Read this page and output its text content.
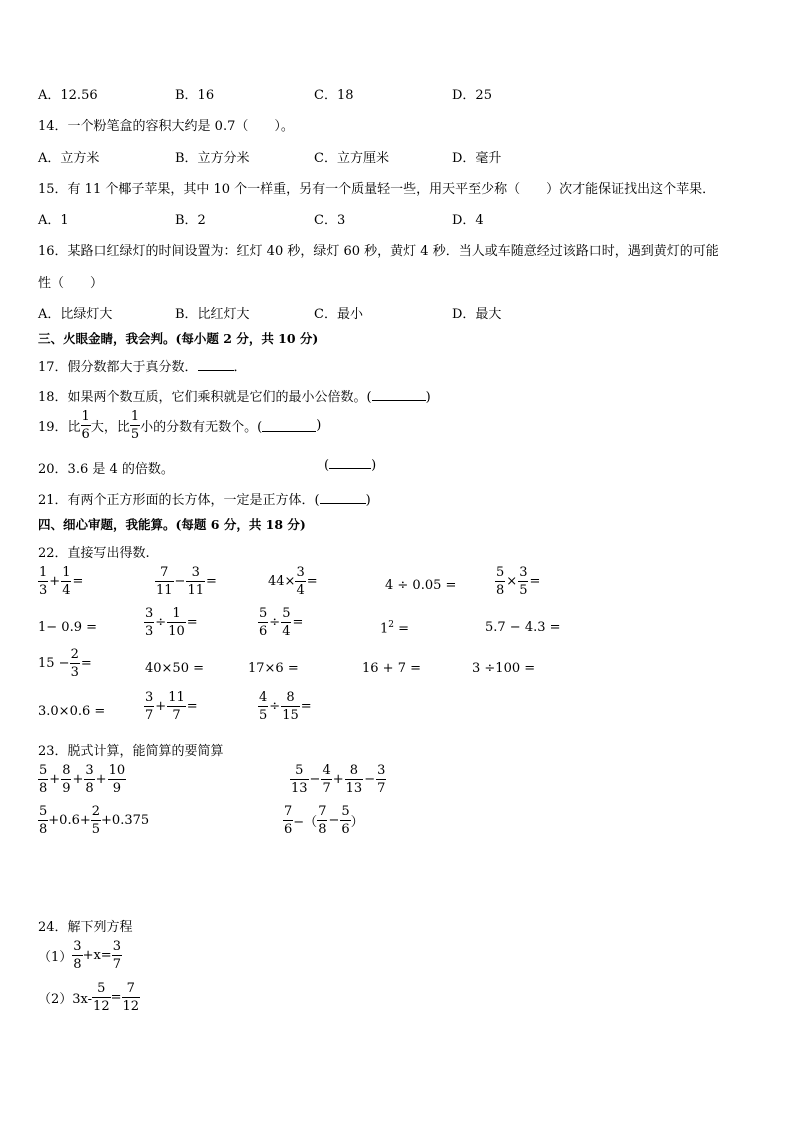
A．12.56	B．16	C．18	D．25
14．一个粉笔盒的容积大约是 0.7（　　）。
A．立方米	B．立方分米	C．立方厘米	D．毫升
15．有 11 个椰子苹果，其中 10 个一样重，另有一个质量轻一些，用天平至少称（　　）次才能保证找出这个苹果．
A．1	B．2	C．3	D．4
16．某路口红绿灯的时间设置为：红灯 40 秒，绿灯 60 秒，黄灯 4 秒．当人或车随意经过该路口时，遇到黄灯的可能
性（　　）
A．比绿灯大	B．比红灯大	C．最小	D．最大
三、火眼金睛，我会判。(每小题 2 分，共 10 分)
17．假分数都大于真分数．	．
18．如果两个数互质，它们乘积就是它们的最小公倍数。(	)
19．比 $\frac{1}{6}$ 大，比 $\frac{1}{5}$ 小的分数有无数个。(	)
20．3.6 是 4 的倍数。	(	)
21．有两个正方形面的长方体，一定是正方体．(	)
四、细心审题，我能算。(每题 6 分，共 18 分)
22．直接写出得数.
$\frac{1}{3} + \frac{1}{4}$ =	$\frac{7}{11} - \frac{3}{11}$ =	$44\times \frac{3}{4}$ =	4 ÷ 0.05 =	$\frac{5}{8} \times \frac{3}{5}$ =
1− 0.9 =	$\frac{3}{3} \div \frac{1}{10}$ =	$\frac{5}{6} \div \frac{5}{4}$ =	$1^2$ =	5.7 − 4.3 =
$15 - \frac{2}{3}$ =	40×50 =	17×6 =	16 + 7 =	3 ÷100 =
3.0×0.6 =	$\frac{3}{7} + \frac{11}{7}$ =	$\frac{4}{5} \div \frac{8}{15}$ =
23．脱式计算，能简算的要简算
$\frac{5}{8} + \frac{8}{9} + \frac{3}{8} + \frac{10}{9}$	$\frac{5}{13} - \frac{4}{7} + \frac{8}{13} - \frac{3}{7}$
$\frac{5}{8} +0.6+ \frac{2}{5} +0.375$	$\frac{7}{6}$ −（ $\frac{7}{8} - \frac{5}{6}$ ）
24．解下列方程
$(1) \frac{3}{8} +x= \frac{3}{7}$
$(2)3x- \frac{5}{12} = \frac{7}{12}$
